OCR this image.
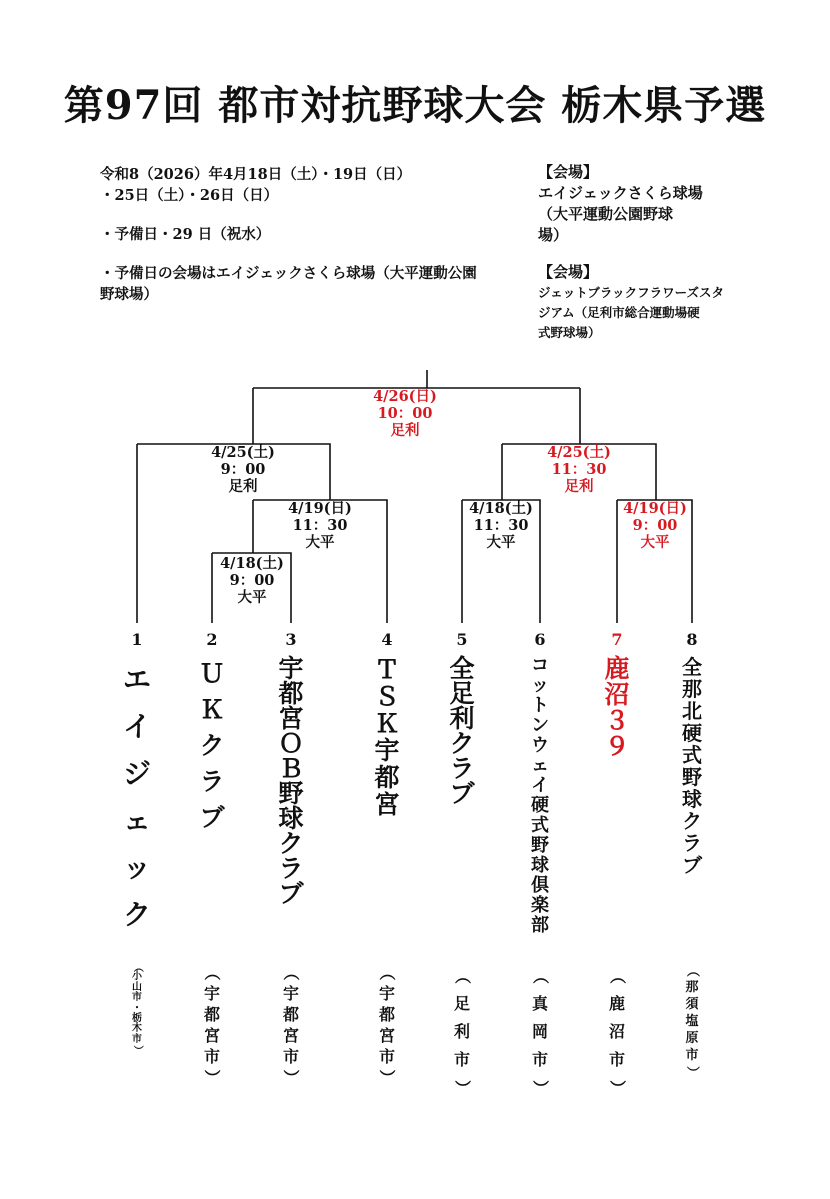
第97回 都市対抗野球大会 栃木県予選
令和8（2026）年4月18日（土）・19日（日）
・25日（土）・26日（日）
・予備日・29 日（祝水）
・予備日の会場はエイジェックさくら球場（大平運動公園
野球場）
【会場】
エイジェックさくら球場
（大平運動公園野球
場）
【会場】
ジェットブラックフラワーズスタ
ジアム（足利市総合運動場硬
式野球場）
4/26(日)
10：00
足利
4/25(土)
9：00
足利
4/25(土)
11：30
足利
4/19(日)
11：30
大平
4/18(土)
9：00
大平
4/18(土)
11：30
大平
4/19(日)
9：00
大平
1	2	3	4	5	6	7	8
エ
イ
ジ
ェ
ッ
ク
Ｕ
Ｋ
ク
ラ
ブ
宇
都
宮
Ｏ
Ｂ
野
球
ク
ラ
ブ
Ｔ
Ｓ
Ｋ
宇
都
宮
全
足
利
ク
ラ
ブ
コ
ッ
ト
ン
ウ
ェ
イ
硬
式
野
球
倶
楽
部
鹿
沼
３
９
全
那
北
硬
式
野
球
ク
ラ
ブ
（
小
山
市
・
栃
木
市
）
（
宇
都
宮
市
）
（
宇
都
宮
市
）
（
宇
都
宮
市
）
（
足
利
市
）
（
真
岡
市
）
（
鹿
沼
市
）
（
那
須
塩
原
市
）
